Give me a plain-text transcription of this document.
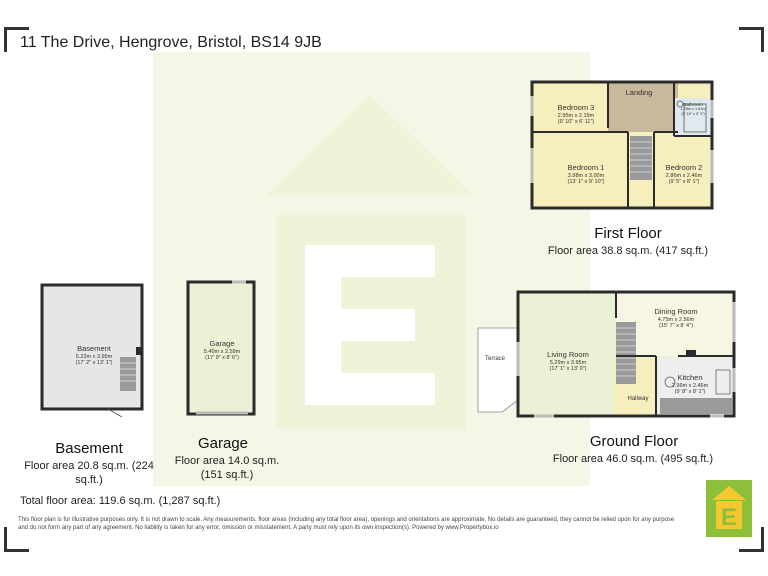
11 The Drive, Hengrove, Bristol, BS14 9JB
Bedroom 3
2.95m x 2.19m
(9' 10" x 6' 11")
Landing
Bathroom
1.78m x 1.61m
(5' 10" x 5' 3")
Bedroom 1
3.98m x 3.00m
(13' 1" x 9' 10")
Bedroom 2
2.86m x 2.46m
(9' 5" x 8' 1")
First Floor
Floor area 38.8 sq.m. (417 sq.ft.)
Terrace	Living Room
5.29m x 3.95m
(17' 1" x 13' 0")
Dining Room
4.75m x 2.56m
(15' 7" x 8' 4")
Kitchen
2.96m x 2.46m
(9' 8" x 8' 1")
Hallway
Ground Floor
Floor area 46.0 sq.m. (495 sq.ft.)
Basement
5.22m x 3.99m
(17' 2" x 13' 1")
Basement
Floor area 20.8 sq.m. (224 sq.ft.)
Garage
5.40m x 2.59m
(17' 9" x 8' 6")
Garage
Floor area 14.0 sq.m. (151 sq.ft.)
Total floor area: 119.6 sq.m. (1,287 sq.ft.)
This floor plan is for illustrative purposes only. It is not drawn to scale. Any measurements, floor areas (including any total floor area), openings and orientations are approximate. No details are guaranteed, they cannot be relied upon for any purpose and do not form any part of any agreement. No liability is taken for any error, omission or misstatement. A party must rely upon its own inspection(s). Powered by www.Propertybox.io	E
